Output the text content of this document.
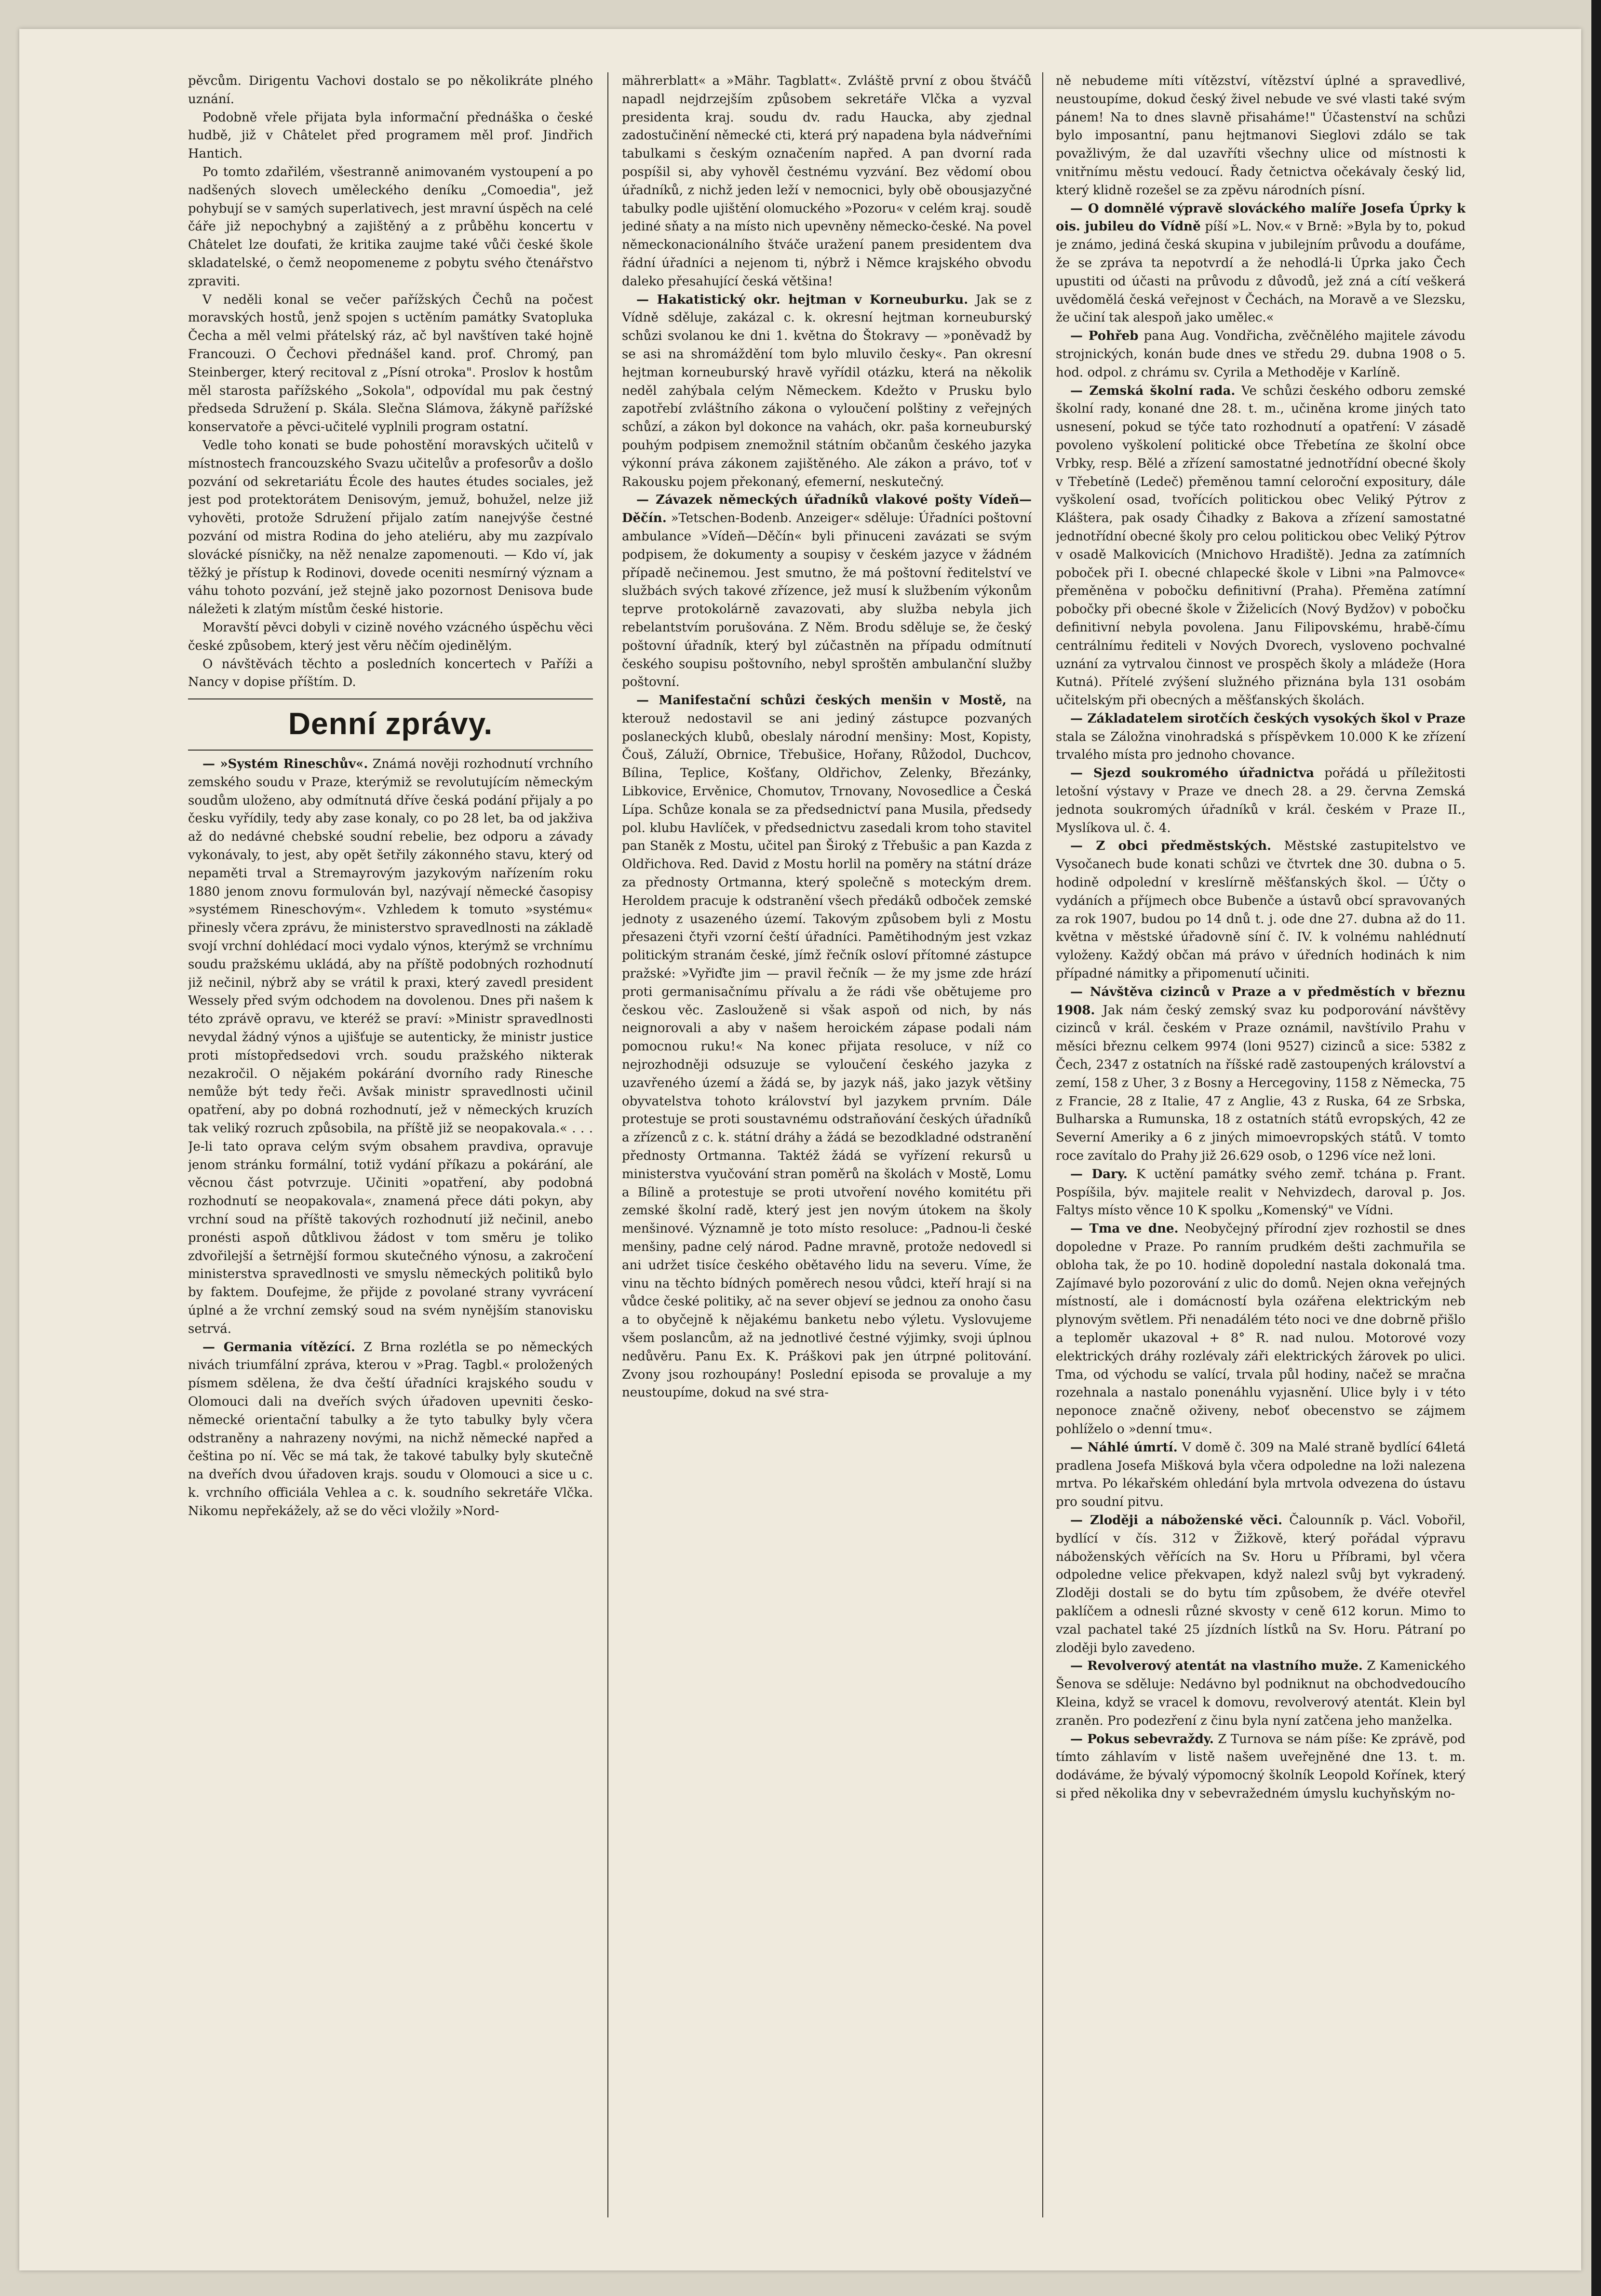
pěvcům. Dirigentu Vachovi dostalo se po několikráte plného uznání.

Podobně vřele přijata byla informační přednáška o české hudbě, již v Châtelet před programem měl prof. Jindřich Hantich.

Po tomto zdařilém, všestranně animovaném vystoupení a po nadšených slovech uměleckého deníku „Comoedia", jež pohybují se v samých superlativech, jest mravní úspěch na celé čáře již nepochybný a zajištěný a z průběhu koncertu v Châtelet lze doufati, že kritika zaujme také vůči české škole skladatelské, o čemž neopomeneme z pobytu svého čtenářstvo zpraviti.

V neděli konal se večer pařížských Čechů na počest moravských hostů, jenž spojen s uctěním památky Svatopluka Čecha a měl velmi přátelský ráz, ač byl navštíven také hojně Francouzi. O Čechovi přednášel kand. prof. Chromý, pan Steinberger, který recitoval z „Písní otroka". Proslov k hostům měl starosta pařížského „Sokola", odpovídal mu pak čestný předseda Sdružení p. Skála. Slečna Slámova, žákyně pařížské konservatoře a pěvci-učitelé vyplnili program ostatní.

Vedle toho konati se bude pohostění moravských učitelů v místnostech francouzského Svazu učitelův a profesorův a došlo pozvání od sekretariátu École des hautes études sociales, jež jest pod protektorátem Denisovým, jemuž, bohužel, nelze již vyhověti, protože Sdružení přijalo zatím nanejvýše čestné pozvání od mistra Rodina do jeho ateliéru, aby mu zazpívalo slovácké písničky, na něž nenalze zapomenouti. — Kdo ví, jak těžký je přístup k Rodinovi, dovede oceniti nesmírný význam a váhu tohoto pozvání, jež stejně jako pozornost Denisova bude náležeti k zlatým místům české historie.

Moravští pěvci dobyli v cizině nového vzácného úspěchu věci české způsobem, který jest věru něčím ojedinělým.

O návštěvách těchto a posledních koncertech v Paříži a Nancy v dopise příštím. D.

Denní zprávy.

— »Systém Rineschův«. Známá nověji rozhodnutí vrchního zemského soudu v Praze, kterýmiž se revolutujícím německým soudům uloženo, aby odmítnutá dříve česká podání přijaly a po česku vyřídily, tedy aby zase konaly, co po 28 let, ba od jakživa až do nedávné chebské soudní rebelie, bez odporu a závady vykonávaly, to jest, aby opět šetřily zákonného stavu, který od nepaměti trval a Stremayrovým jazykovým nařízením roku 1880 jenom znovu formulován byl, nazývají německé časopisy »systémem Rineschovým«. Vzhledem k tomuto »systému« přinesly včera zprávu, že ministerstvo spravedlnosti na základě svojí vrchní dohlédací moci vydalo výnos, kterýmž se vrchnímu soudu pražskému ukládá, aby na příště podobných rozhodnutí již nečinil, nýbrž aby se vrátil k praxi, který zavedl president Wessely před svým odchodem na dovolenou. Dnes při našem k této zprávě opravu, ve kteréž se praví: »Ministr spravedlnosti nevydal žádný výnos a ujišťuje se autenticky, že ministr justice proti místopředsedovi vrch. soudu pražského nikterak nezakročil. O nějakém pokárání dvorního rady Rinesche nemůže být tedy řeči. Avšak ministr spravedlnosti učinil opatření, aby po dobná rozhodnutí, jež v německých kruzích tak veliký rozruch způsobila, na příště již se neopakovala.« . . . Je-li tato oprava celým svým obsahem pravdiva, opravuje jenom stránku formální, totiž vydání příkazu a pokárání, ale věcnou část potvrzuje. Učiniti »opatření, aby podobná rozhodnutí se neopakovala«, znamená přece dáti pokyn, aby vrchní soud na příště takových rozhodnutí již nečinil, anebo pronésti aspoň důtklivou žádost v tom směru je toliko zdvořilejší a šetrnější formou skutečného výnosu, a zakročení ministerstva spravedlnosti ve smyslu německých politiků bylo by faktem. Doufejme, že přijde z povolané strany vyvrácení úplné a že vrchní zemský soud na svém nynějším stanovisku setrvá.

— Germania vítězící. Z Brna rozlétla se po německých nivách triumfální zpráva, kterou v »Prag. Tagbl.« proložených písmem sdělena, že dva čeští úřadníci krajského soudu v Olomouci dali na dveřích svých úřadoven upevniti česko-německé orientační tabulky a že tyto tabulky byly včera odstraněny a nahrazeny novými, na nichž německé napřed a čeština po ní. Věc se má tak, že takové tabulky byly skutečně na dveřích dvou úřadoven krajs. soudu v Olomouci a sice u c. k. vrchního officiála Vehlea a c. k. soudního sekretáře Vlčka. Nikomu nepřekážely, až se do věci vložily »Nord-

mährerblatt« a »Mähr. Tagblatt«. Zvláště první z obou štváčů napadl nejdrzejším způsobem sekretáře Vlčka a vyzval presidenta kraj. soudu dv. radu Haucka, aby zjednal zadostučinění německé cti, která prý napadena byla nádveřními tabulkami s českým označením napřed. A pan dvorní rada pospíšil si, aby vyhověl čestnému vyzvání. Bez vědomí obou úřadníků, z nichž jeden leží v nemocnici, byly obě obousjazyčné tabulky podle ujištění olomuckého »Pozoru« v celém kraj. soudě jediné sňaty a na místo nich upevněny německo-české. Na povel německonacionálního štváče uražení panem presidentem dva řádní úřadníci a nejenom ti, nýbrž i Němce krajského obvodu daleko přesahující česká většina!

— Hakatistický okr. hejtman v Korneuburku. Jak se z Vídně sděluje, zakázal c. k. okresní hejtman korneuburský schůzi svolanou ke dni 1. května do Štokravy — »poněvadž by se asi na shromáždění tom bylo mluvilo česky«. Pan okresní hejtman korneuburský hravě vyřídil otázku, která na několik neděl zahýbala celým Německem. Kdežto v Prusku bylo zapotřebí zvláštního zákona o vyloučení polštiny z veřejných schůzí, a zákon byl dokonce na vahách, okr. paša korneuburský pouhým podpisem znemožnil státním občanům českého jazyka výkonní práva zákonem zajištěného. Ale zákon a právo, toť v Rakousku pojem překonaný, efemerní, neskutečný.

— Závazek německých úřadníků vlakové pošty Vídeň—Děčín. »Tetschen-Bodenb. Anzeiger« sděluje: Úřadníci poštovní ambulance »Vídeň—Děčín« byli přinuceni zavázati se svým podpisem, že dokumenty a soupisy v českém jazyce v žádném případě nečinemou. Jest smutno, že má poštovní ředitelství ve službách svých takové zřízence, jež musí k službením výkonům teprve protokolárně zavazovati, aby služba nebyla jich rebelantstvím porušována. Z Něm. Brodu sděluje se, že český poštovní úřadník, který byl zúčastněn na případu odmítnutí českého soupisu poštovního, nebyl sproštěn ambulanční služby poštovní.

— Manifestační schůzi českých menšin v Mostě, na kterouž nedostavil se ani jediný zástupce pozvaných poslaneckých klubů, obeslaly národní menšiny: Most, Kopisty, Čouš, Záluží, Obrnice, Třebušice, Hořany, Růžodol, Duchcov, Bílina, Teplice, Košťany, Oldřichov, Zelenky, Březánky, Libkovice, Ervěnice, Chomutov, Trnovany, Novosedlice a Česká Lípa. Schůze konala se za předsednictví pana Musila, předsedy pol. klubu Havlíček, v předsednictvu zasedali krom toho stavitel pan Staněk z Mostu, učitel pan Široký z Třebušic a pan Kazda z Oldřichova. Red. David z Mostu horlil na poměry na státní dráze za přednosty Ortmanna, který společně s moteckým drem. Heroldem pracuje k odstranění všech předáků odboček zemské jednoty z usazeného území. Takovým způsobem byli z Mostu přesazeni čtyři vzorní čeští úřadníci. Pamětihodným jest vzkaz politickým stranám české, jímž řečník osloví přítomné zástupce pražské: »Vyřiďte jim — pravil řečník — že my jsme zde hrází proti germanisačnímu přívalu a že rádi vše obětujeme pro českou věc. Zaslouženě si však aspoň od nich, by nás neignorovali a aby v našem heroickém zápase podali nám pomocnou ruku!« Na konec přijata resoluce, v níž co nejrozhodněji odsuzuje se vyloučení českého jazyka z uzavřeného území a žádá se, by jazyk náš, jako jazyk většiny obyvatelstva tohoto království byl jazykem prvním. Dále protestuje se proti soustavnému odstraňování českých úřadníků a zřízenců z c. k. státní dráhy a žádá se bezodkladné odstranění přednosty Ortmanna. Taktéž žádá se vyřízení rekursů u ministerstva vyučování stran poměrů na školách v Mostě, Lomu a Bílině a protestuje se proti utvoření nového komitétu při zemské školní radě, který jest jen novým útokem na školy menšinové. Významně je toto místo resoluce: „Padnou-li české menšiny, padne celý národ. Padne mravně, protože nedovedl si ani udržet tisíce českého obětavého lidu na severu. Víme, že vinu na těchto bídných poměrech nesou vůdci, kteří hrají si na vůdce české politiky, ač na sever objeví se jednou za onoho času a to obyčejně k nějakému banketu nebo výletu. Vyslovujeme všem poslancům, až na jednotlivé čestné výjimky, svoji úplnou nedůvěru. Panu Ex. K. Práškovi pak jen útrpné politování. Zvony jsou rozhoupány! Poslední episoda se provaluje a my neustoupíme, dokud na své stra-

ně nebudeme míti vítězství, vítězství úplné a spravedlivé, neustoupíme, dokud český živel nebude ve své vlasti také svým pánem! Na to dnes slavně přisaháme!" Účastenství na schůzi bylo imposantní, panu hejtmanovi Sieglovi zdálo se tak považlivým, že dal uzavříti všechny ulice od místnosti k vnitřnímu městu vedoucí. Řady četnictva očekávaly český lid, který klidně rozešel se za zpěvu národních písní.

— O domnělé výpravě slováckého malíře Josefa Úprky k ois. jubileu do Vídně píší »L. Nov.« v Brně: »Byla by to, pokud je známo, jediná česká skupina v jubilejním průvodu a doufáme, že se zpráva ta nepotvrdí a že nehodlá-li Úprka jako Čech upustiti od účasti na průvodu z důvodů, jež zná a cítí veškerá uvědomělá česká veřejnost v Čechách, na Moravě a ve Slezsku, že učiní tak alespoň jako umělec.«

— Pohřeb pana Aug. Vondřicha, zvěčnělého majitele závodu strojnických, konán bude dnes ve středu 29. dubna 1908 o 5. hod. odpol. z chrámu sv. Cyrila a Methoděje v Karlíně.

— Zemská školní rada. Ve schůzi českého odboru zemské školní rady, konané dne 28. t. m., učiněna krome jiných tato usnesení, pokud se týče tato rozhodnutí a opatření: V zásadě povoleno vyškolení politické obce Třebetína ze školní obce Vrbky, resp. Bělé a zřízení samostatné jednotřídní obecné školy v Třebetíně (Ledeč) přeměnou tamní celoroční expositury, dále vyškolení osad, tvořících politickou obec Veliký Pýtrov z Kláštera, pak osady Čihadky z Bakova a zřízení samostatné jednotřídní obecné školy pro celou politickou obec Veliký Pýtrov v osadě Malkovicích (Mnichovo Hradiště). Jedna za zatímních poboček při I. obecné chlapecké škole v Libni »na Palmovce« přeměněna v pobočku definitivní (Praha). Přeměna zatímní pobočky při obecné škole v Žiželicích (Nový Bydžov) v pobočku definitivní nebyla povolena. Janu Filipovskému, hrabě-čímu centrálnímu řediteli v Nových Dvorech, vysloveno pochvalné uznání za vytrvalou činnost ve prospěch školy a mládeže (Hora Kutná). Přítelé zvýšení služného přiznána byla 131 osobám učitelským při obecných a měšťanských školách.

— Základatelem sirotčích českých vysokých škol v Praze stala se Záložna vinohradská s příspěvkem 10.000 K ke zřízení trvalého místa pro jednoho chovance.

— Sjezd soukromého úřadnictva pořádá u příležitosti letošní výstavy v Praze ve dnech 28. a 29. června Zemská jednota soukromých úřadníků v král. českém v Praze II., Myslíkova ul. č. 4.

— Z obci předměstských. Městské zastupitelstvo ve Vysočanech bude konati schůzi ve čtvrtek dne 30. dubna o 5. hodině odpolední v kreslírně měšťanských škol. — Účty o vydáních a příjmech obce Bubenče a ústavů obcí spravovaných za rok 1907, budou po 14 dnů t. j. ode dne 27. dubna až do 11. května v městské úřadovně síní č. IV. k volnému nahlédnutí vyloženy. Každý občan má právo v úředních hodinách k nim případné námitky a připomenutí učiniti.

— Návštěva cizinců v Praze a v předměstích v březnu 1908. Jak nám český zemský svaz ku podporování návštěvy cizinců v král. českém v Praze oznámil, navštívilo Prahu v měsíci březnu celkem 9974 (loni 9527) cizinců a sice: 5382 z Čech, 2347 z ostatních na říšské radě zastoupených království a zemí, 158 z Uher, 3 z Bosny a Hercegoviny, 1158 z Německa, 75 z Francie, 28 z Italie, 47 z Anglie, 43 z Ruska, 64 ze Srbska, Bulharska a Rumunska, 18 z ostatních států evropských, 42 ze Severní Ameriky a 6 z jiných mimoevropských států. V tomto roce zavítalo do Prahy již 26.629 osob, o 1296 více než loni.

— Dary. K uctění památky svého zemř. tchána p. Frant. Pospíšila, býv. majitele realit v Nehvizdech, daroval p. Jos. Faltys místo věnce 10 K spolku „Komenský" ve Vídni.

— Tma ve dne. Neobyčejný přírodní zjev rozhostil se dnes dopoledne v Praze. Po ranním prudkém dešti zachmuřila se obloha tak, že po 10. hodině dopolední nastala dokonalá tma. Zajímavé bylo pozorování z ulic do domů. Nejen okna veřejných místností, ale i domácností byla ozářena elektrickým neb plynovým světlem. Při nenadálém této noci ve dne dobrně přišlo a teploměr ukazoval + 8° R. nad nulou. Motorové vozy elektrických dráhy rozlévaly záři elektrických žárovek po ulici. Tma, od východu se valící, trvala půl hodiny, načež se mračna rozehnala a nastalo ponenáhlu vyjasnění. Ulice byly i v této neponoce značně oživeny, neboť obecenstvo se zájmem pohlíželo o »denní tmu«.

— Náhlé úmrtí. V domě č. 309 na Malé straně bydlící 64letá pradlena Josefa Mišková byla včera odpoledne na loži nalezena mrtva. Po lékařském ohledání byla mrtvola odvezena do ústavu pro soudní pitvu.

— Zloději a náboženské věci. Čalounník p. Václ. Vobořil, bydlící v čís. 312 v Žižkově, který pořádal výpravu náboženských věřících na Sv. Horu u Příbrami, byl včera odpoledne velice překvapen, když nalezl svůj byt vykradený. Zloději dostali se do bytu tím způsobem, že dvéře otevřel paklíčem a odnesli různé skvosty v ceně 612 korun. Mimo to vzal pachatel také 25 jízdních lístků na Sv. Horu. Pátraní po zloději bylo zavedeno.

— Revolverový atentát na vlastního muže. Z Kamenického Šenova se sděluje: Nedávno byl podniknut na obchodvedoucího Kleina, když se vracel k domovu, revolverový atentát. Klein byl zraněn. Pro podezření z činu byla nyní zatčena jeho manželka.

— Pokus sebevraždy. Z Turnova se nám píše: Ke zprávě, pod tímto záhlavím v listě našem uveřejněné dne 13. t. m. dodáváme, že bývalý výpomocný školník Leopold Kořínek, který si před několika dny v sebevražedném úmyslu kuchyňským no-
